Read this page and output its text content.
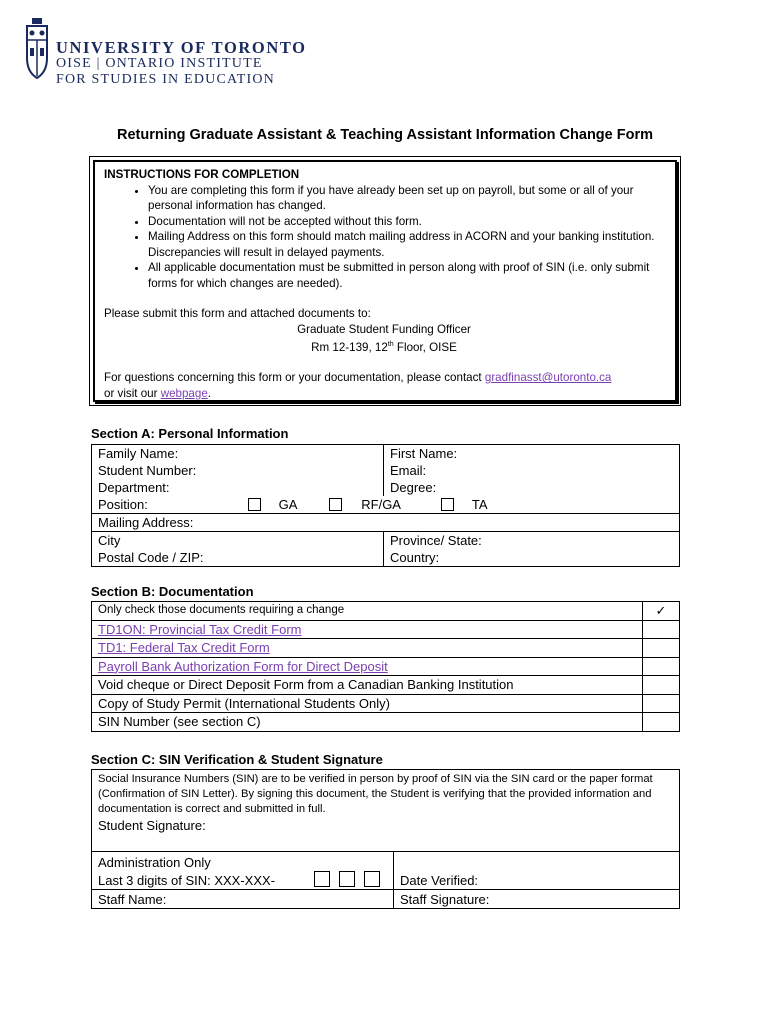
UNIVERSITY OF TORONTO
OISE | ONTARIO INSTITUTE
FOR STUDIES IN EDUCATION
Returning Graduate Assistant & Teaching Assistant Information Change Form
INSTRUCTIONS FOR COMPLETION
• You are completing this form if you have already been set up on payroll, but some or all of your personal information has changed.
• Documentation will not be accepted without this form.
• Mailing Address on this form should match mailing address in ACORN and your banking institution. Discrepancies will result in delayed payments.
• All applicable documentation must be submitted in person along with proof of SIN (i.e. only submit forms for which changes are needed).

Please submit this form and attached documents to:

Graduate Student Funding Officer

Rm 12-139, 12th Floor, OISE

For questions concerning this form or your documentation, please contact gradfinasst@utoronto.ca

or visit our webpage.

Section A: Personal Information
Family Name:	First Name:
Student Number:	Email:
Department:	Degree:
Position: GA RF/GA TA	
Mailing Address:	
City	Province/ State:
Postal Code / ZIP:	Country:
Section B: Documentation
Only check those documents requiring a change	✓
TD1ON: Provincial Tax Credit Form	
TD1: Federal Tax Credit Form	
Payroll Bank Authorization Form for Direct Deposit	
Void cheque or Direct Deposit Form from a Canadian Banking Institution	
Copy of Study Permit (International Students Only)	
SIN Number (see section C)	
Section C: SIN Verification & Student Signature
Social Insurance Numbers (SIN) are to be verified in person by proof of SIN via the SIN card or the paper format (Confirmation of SIN Letter). By signing this document, the Student is verifying that the provided information and documentation is correct and submitted in full.	
Student Signature:	

Administration Only
Last 3 digits of SIN: XXX-XXX-	Date Verified:
Staff Name:	Staff Signature:
